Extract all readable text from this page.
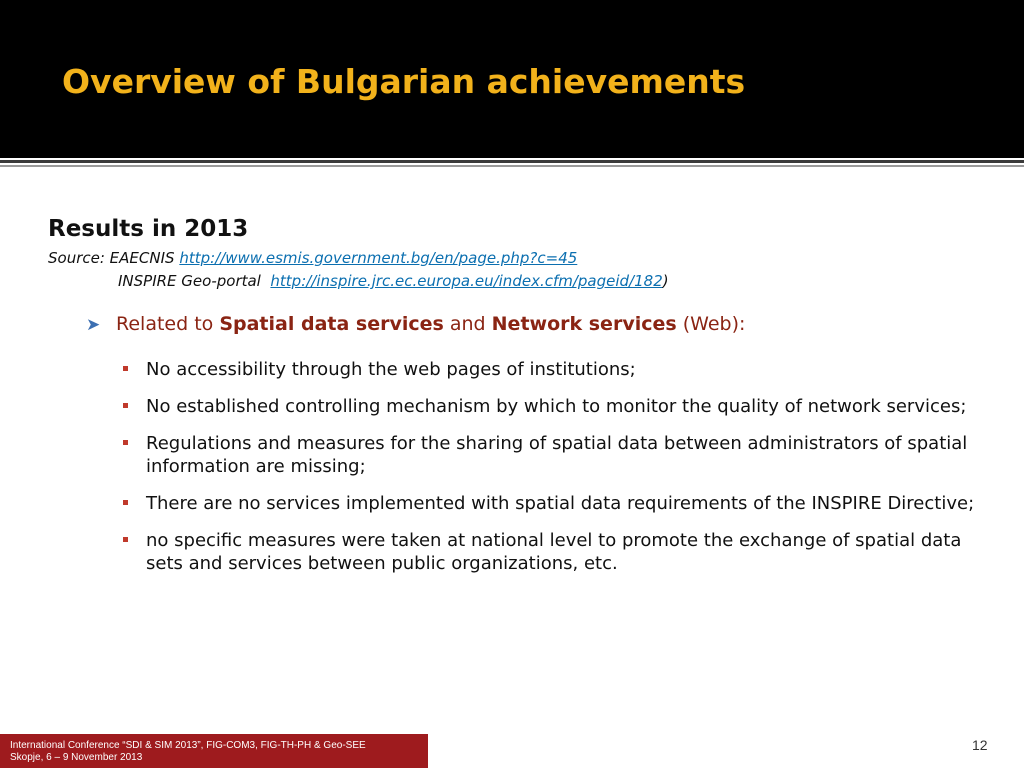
Overview of Bulgarian achievements
Results in 2013
Source: EAECNIS http://www.esmis.government.bg/en/page.php?c=45
INSPIRE Geo-portal http://inspire.jrc.ec.europa.eu/index.cfm/pageid/182)
➤ Related to Spatial data services and Network services (Web):
No accessibility through the web pages of institutions;
No established controlling mechanism by which to monitor the quality of network services;
Regulations and measures for the sharing of spatial data between administrators of spatial information are missing;
There are no services implemented with spatial data requirements of the INSPIRE Directive;
no specific measures were taken at national level to promote the exchange of spatial data sets and services between public organizations, etc.
International Conference “SDI & SIM 2013”, FIG-COM3, FIG-TH-PH & Geo-SEE
Skopje, 6 – 9 November 2013
12
